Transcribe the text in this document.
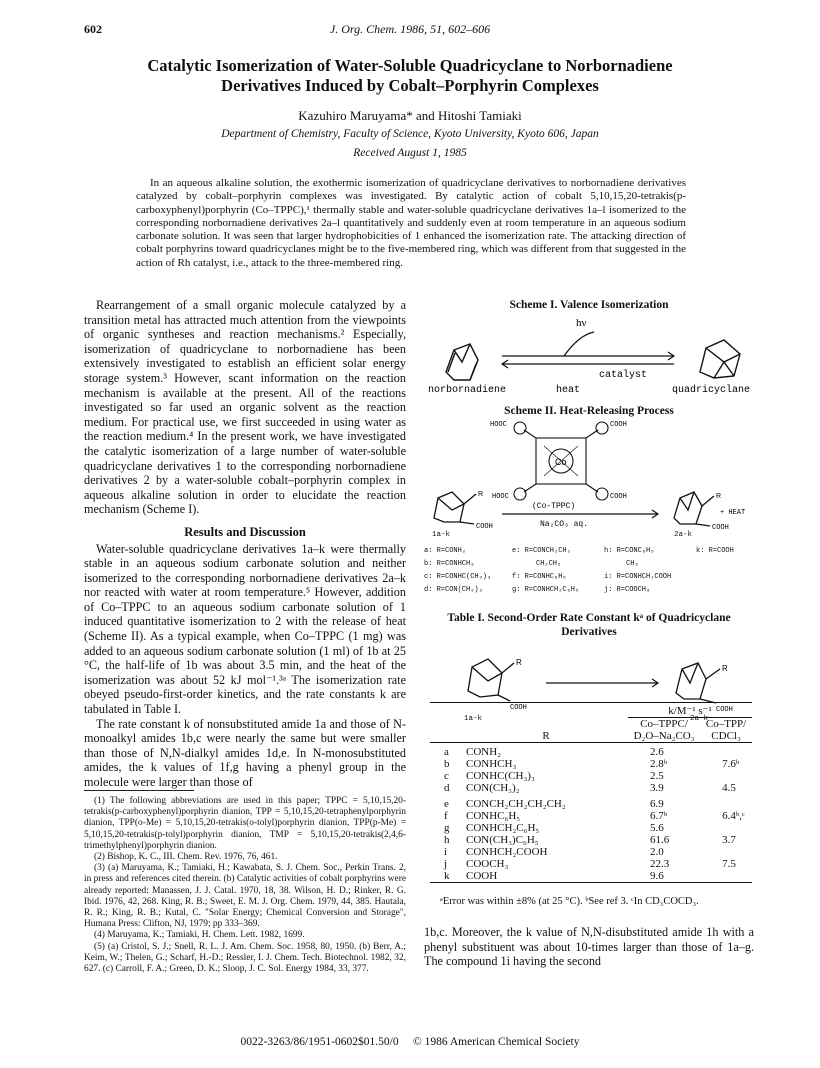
602	J. Org. Chem. 1986, 51, 602–606
Catalytic Isomerization of Water-Soluble Quadricyclane to Norbornadiene Derivatives Induced by Cobalt–Porphyrin Complexes
Kazuhiro Maruyama* and Hitoshi Tamiaki
Department of Chemistry, Faculty of Science, Kyoto University, Kyoto 606, Japan
Received August 1, 1985

In an aqueous alkaline solution, the exothermic isomerization of quadricyclane derivatives to norbornadiene derivatives catalyzed by cobalt–porphyrin complexes was investigated. By catalytic action of cobalt 5,10,15,20-tetrakis(p-carboxyphenyl)porphyrin (Co–TPPC),¹ thermally stable and water-soluble quadricyclane derivatives 1a–l isomerized to the corresponding norbornadiene derivatives 2a–l quantitatively and suddenly even at room temperature in an aqueous sodium carbonate solution. It was seen that larger hydrophobicities of 1 enhanced the isomerization rate. The attacking direction of cobalt porphyrins toward quadricyclanes might be to the five-membered ring, which was different from that suggested in the action of Rh catalyst, i.e., attack to the three-membered ring.

Rearrangement of a small organic molecule catalyzed by a transition metal has attracted much attention from the viewpoints of organic syntheses and reaction mechanisms.² Especially, isomerization of quadricyclane to norbornadiene has been extensively investigated to establish an efficient solar energy storage system.³ However, scant information on the reaction mechanism is available at the present. All of the reactions investigated so far used an organic solvent as the reaction medium. For practical use, we first succeeded in using water as the reaction medium.⁴ In the present work, we have investigated the catalytic isomerization of a large number of water-soluble quadricyclane derivatives 1 to the corresponding norbornadiene derivatives 2 by a water-soluble cobalt–porphyrin complex in aqueous alkaline solution in order to elucidate the reaction mechanism (Scheme I).

Results and Discussion

Water-soluble quadricyclane derivatives 1a–k were thermally stable in an aqueous sodium carbonate solution and neither isomerized to the corresponding norbornadiene derivatives 2a–k nor reacted with water at room temperature.⁵ However, addition of Co–TPPC to an aqueous sodium carbonate solution of 1 induced quantitative isomerization to 2 with the release of heat (Scheme II). As a typical example, when Co–TPPC (1 mg) was added to an aqueous sodium carbonate solution (1 ml) of 1b at 25 °C, the half-life of 1b was about 3.5 min, and the heat of the isomerization was about 52 kJ mol⁻¹.³ᵃ The isomerization rate obeyed pseudo-first-order kinetics, and the rate constants k are tabulated in Table I.

The rate constant k of nonsubstituted amide 1a and those of N-monoalkyl amides 1b,c were nearly the same but were smaller than those of N,N-dialkyl amides 1d,e. In N-monosubstituted amides, the k values of 1f,g having a phenyl group in the molecule were larger than those of

(1) The following abbreviations are used in this paper; TPPC = 5,10,15,20-tetrakis(p-carboxyphenyl)porphyrin dianion, TPP = 5,10,15,20-tetraphenylporphyrin dianion, TPP(o-Me) = 5,10,15,20-tetrakis(o-tolyl)porphyrin dianion, TPP(p-Me) = 5,10,15,20-tetrakis(p-tolyl)porphyrin dianion, TMP = 5,10,15,20-tetrakis(2,4,6-trimethylphenyl)porphyrin dianion.

(2) Bishop, K. C., III. Chem. Rev. 1976, 76, 461.

(3) (a) Maruyama, K.; Tamiaki, H.; Kawabata, S. J. Chem. Soc., Perkin Trans. 2, in press and references cited therein. (b) Catalytic activities of cobalt porphyrins were already reported: Manassen, J. J. Catal. 1970, 18, 38. Wilson, H. D.; Rinker, R. G. Ibid. 1976, 42, 268. King, R. B.; Sweet, E. M. J. Org. Chem. 1979, 44, 385. Hautala, R. R.; King, R. B.; Kutal, C. "Solar Energy; Chemical Conversion and Storage", Humana Press: Clifton, NJ, 1979; pp 333–369.

(4) Maruyama, K.; Tamiaki, H. Chem. Lett. 1982, 1699.

(5) (a) Cristol, S. J.; Snell, R. L. J. Am. Chem. Soc. 1958, 80, 1950. (b) Berr, A.; Keim, W.; Thelen, G.; Scharf, H.-D.; Ressler, I. J. Chem. Tech. Biotechnol. 1982, 32, 627. (c) Carroll, F. A.; Green, D. K.; Sloop, J. C. Sol. Energy 1984, 33, 377.

Scheme I. Valence Isomerization
hν
catalyst
heat
norbornadiene	quadricyclane
Scheme II. Heat-Releasing Process
Co
HOOC	COOH
HOOC	COOH
(Co-TPPC)
R
COOH	Na₂CO₃ aq.
R
COOH
+ HEAT
1a-k	2a-k
a: R=CONH₂	e: R=CONCH₂CH₂	h: R=CONC₆H₅	k: R=COOH
b: R=CONHCH₃	CH₂CH₂	CH₃
c: R=CONHC(CH₃)₃	f: R=CONHC₆H₅	i: R=CONHCH₂COOH
d: R=CON(CH₃)₂	g: R=CONHCH₂C₆H₅	j: R=COOCH₃
Table I. Second-Order Rate Constant kᵃ of Quadricyclane Derivatives
R
COOH
R
COOH
1a-k	2a-k
		k/M⁻¹ s⁻¹	
		Co–TPPC/	Co–TPP/
	R	D₂O–Na₂CO₃	CDCl₃
a	CONH₂	2.6	
b	CONHCH₃	2.8ᵇ	7.6ᵇ
c	CONHC(CH₃)₃	2.5	
d	CON(CH₃)₂	3.9	4.5
e	CONCH₂CH₂CH₂CH₂	6.9	
f	CONHC₆H₅	6.7ᵇ	6.4ᵇ,ᶜ
g	CONHCH₂C₆H₅	5.6	
h	CON(CH₃)C₆H₅	61.6	3.7
i	CONHCH₂COOH	2.0	
j	COOCH₃	22.3	7.5
k	COOH	9.6	
ᵃError was within ±8% (at 25 °C). ᵇSee ref 3. ᶜIn CD₃COCD₃.
1b,c. Moreover, the k value of N,N-disubstituted amide 1h with a phenyl substituent was about 10-times larger than those of 1a–g. The compound 1i having the second
0022-3263/86/1951-0602$01.50/0 © 1986 American Chemical Society
